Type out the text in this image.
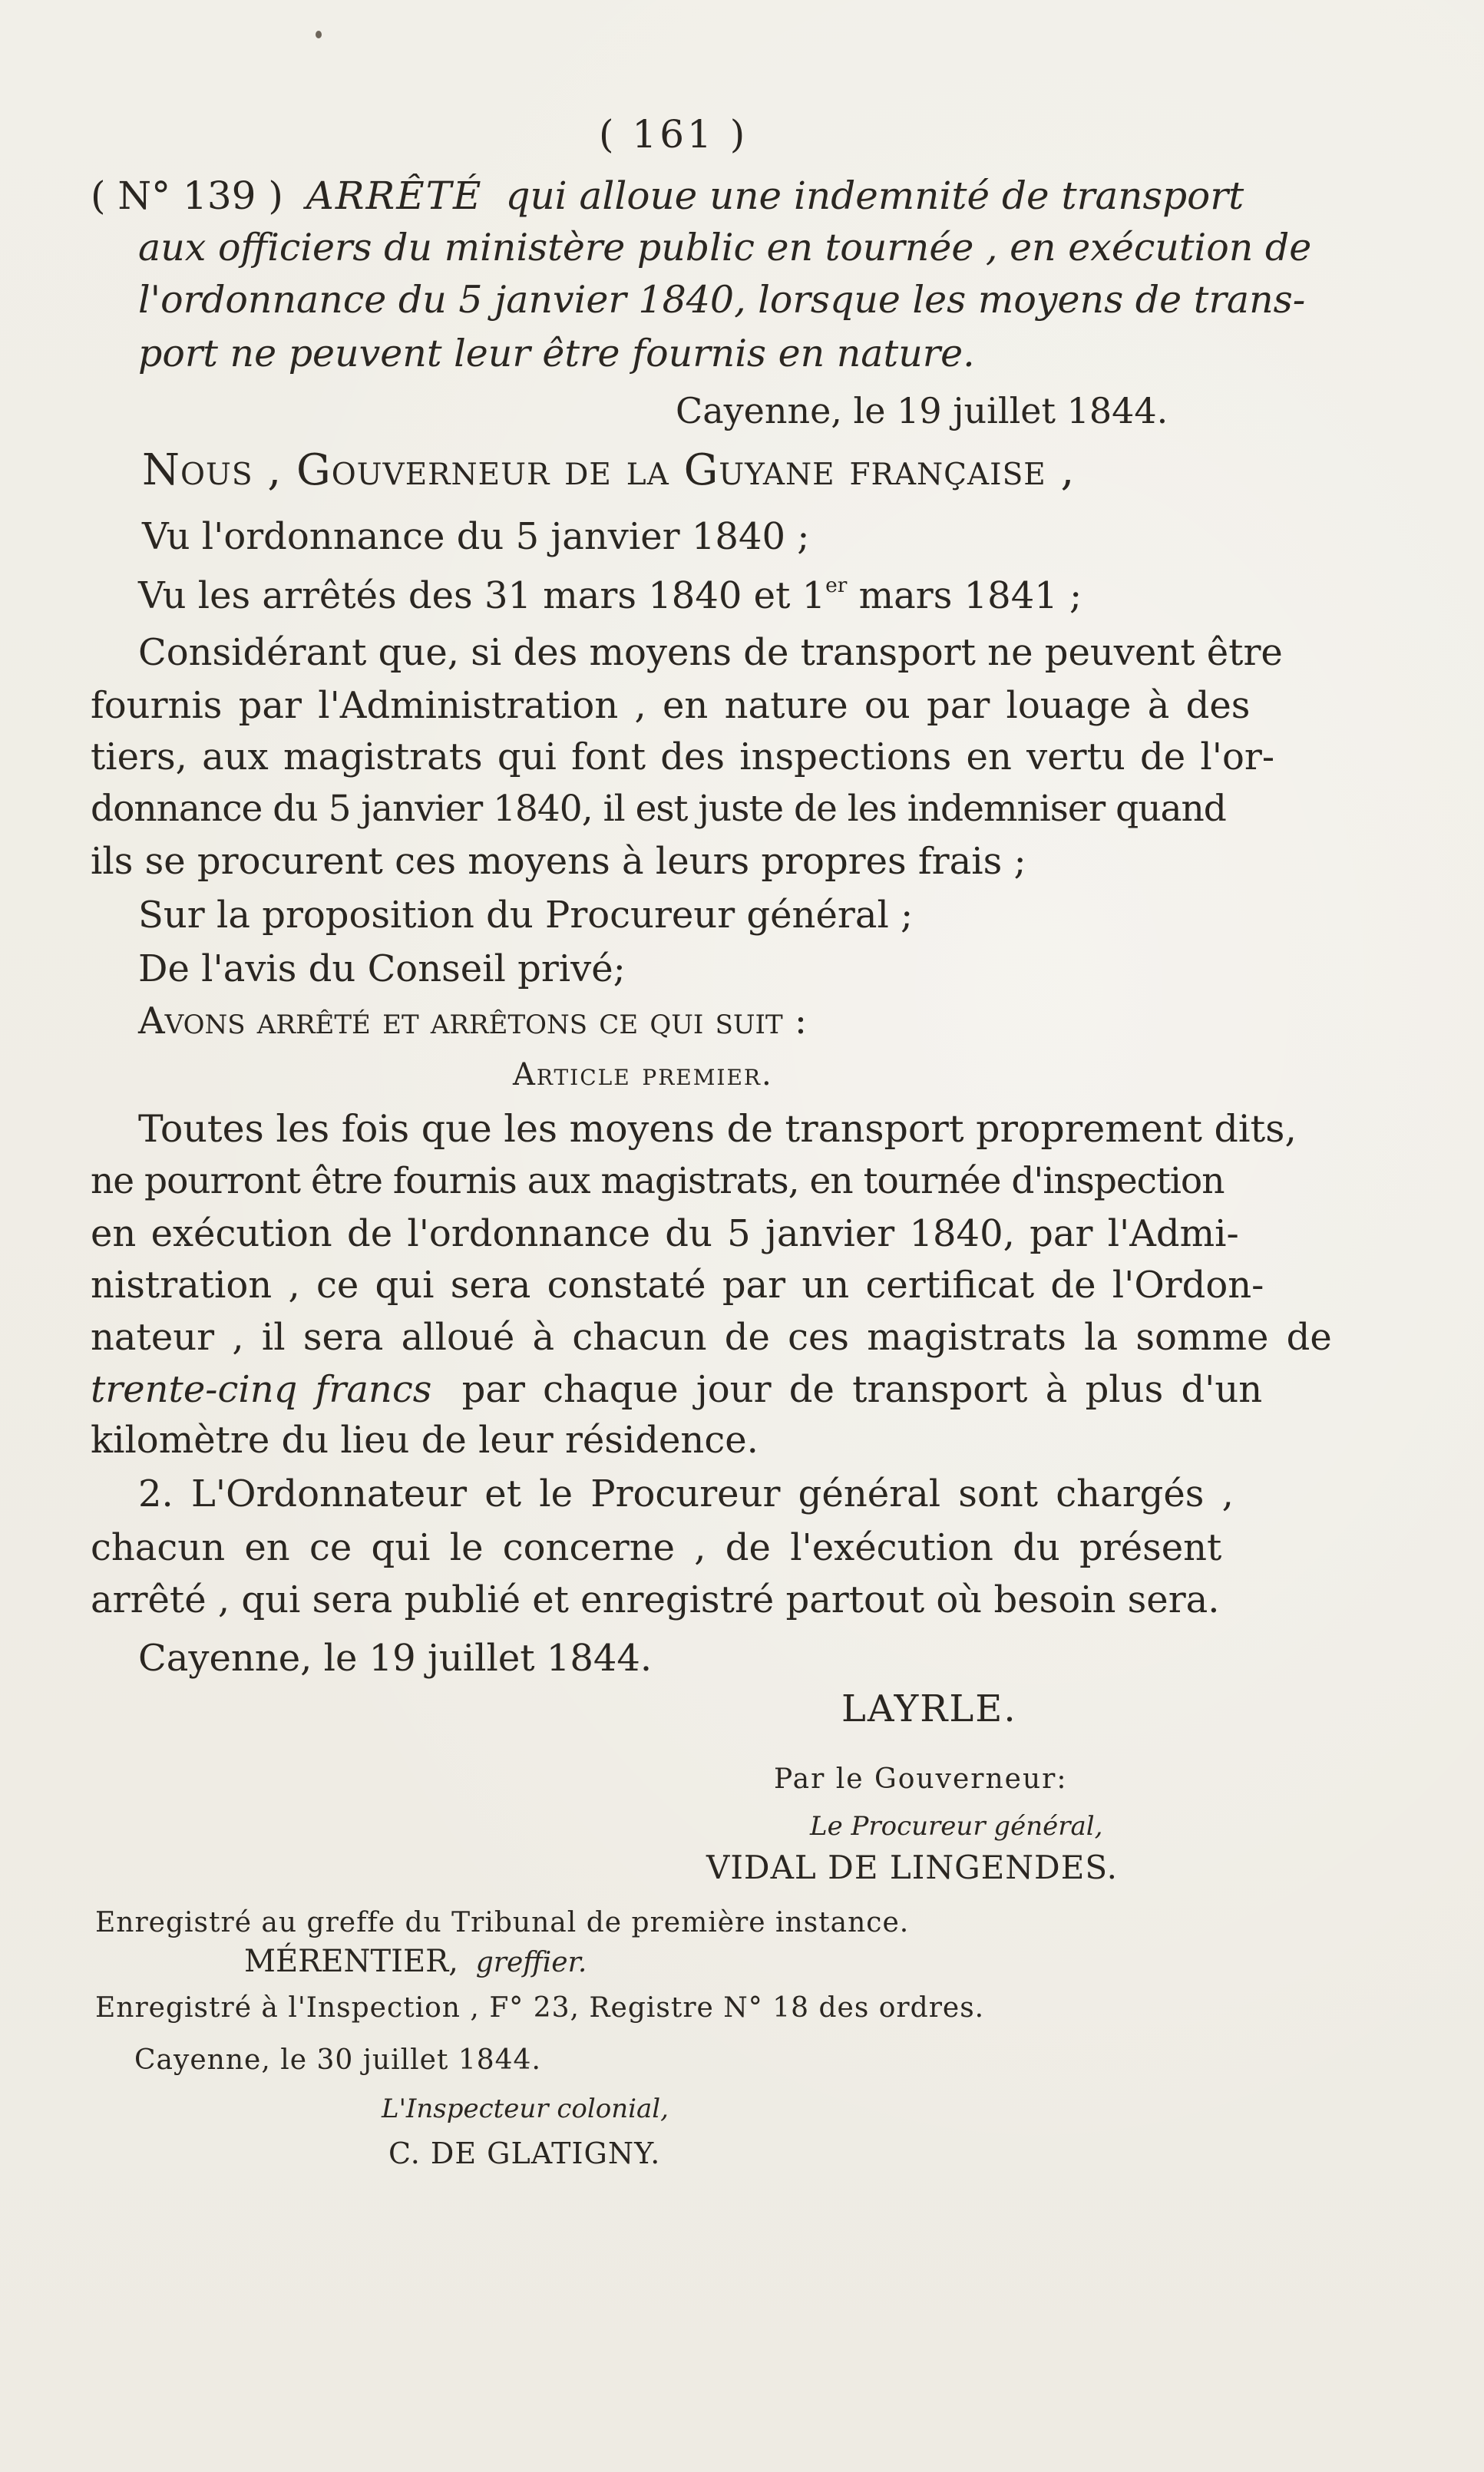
( 161 )
( N° 139 ) ARRÊTÉ qui alloue une indemnité de transport
aux officiers du ministère public en tournée , en exécution de
l'ordonnance du 5 janvier 1840, lorsque les moyens de trans-
port ne peuvent leur être fournis en nature.
Cayenne, le 19 juillet 1844.
Nous , Gouverneur de la Guyane française ,
Vu l'ordonnance du 5 janvier 1840 ;
Vu les arrêtés des 31 mars 1840 et 1er mars 1841 ;
Considérant que, si des moyens de transport ne peuvent être
fournis par l'Administration , en nature ou par louage à des
tiers, aux magistrats qui font des inspections en vertu de l'or-
donnance du 5 janvier 1840, il est juste de les indemniser quand
ils se procurent ces moyens à leurs propres frais ;
Sur la proposition du Procureur général ;
De l'avis du Conseil privé;
Avons arrêté et arrêtons ce qui suit :
Article premier.
Toutes les fois que les moyens de transport proprement dits,
ne pourront être fournis aux magistrats, en tournée d'inspection
en exécution de l'ordonnance du 5 janvier 1840, par l'Admi-
nistration , ce qui sera constaté par un certificat de l'Ordon-
nateur , il sera alloué à chacun de ces magistrats la somme de
trente-cinq francs par chaque jour de transport à plus d'un
kilomètre du lieu de leur résidence.
2. L'Ordonnateur et le Procureur général sont chargés ,
chacun en ce qui le concerne , de l'exécution du présent
arrêté , qui sera publié et enregistré partout où besoin sera.
Cayenne, le 19 juillet 1844.
LAYRLE.
Par le Gouverneur:
Le Procureur général,
VIDAL DE LINGENDES.
Enregistré au greffe du Tribunal de première instance.
MÉRENTIER, greffier.
Enregistré à l'Inspection , F° 23, Registre N° 18 des ordres.
Cayenne, le 30 juillet 1844.
L'Inspecteur colonial,
C. DE GLATIGNY.
